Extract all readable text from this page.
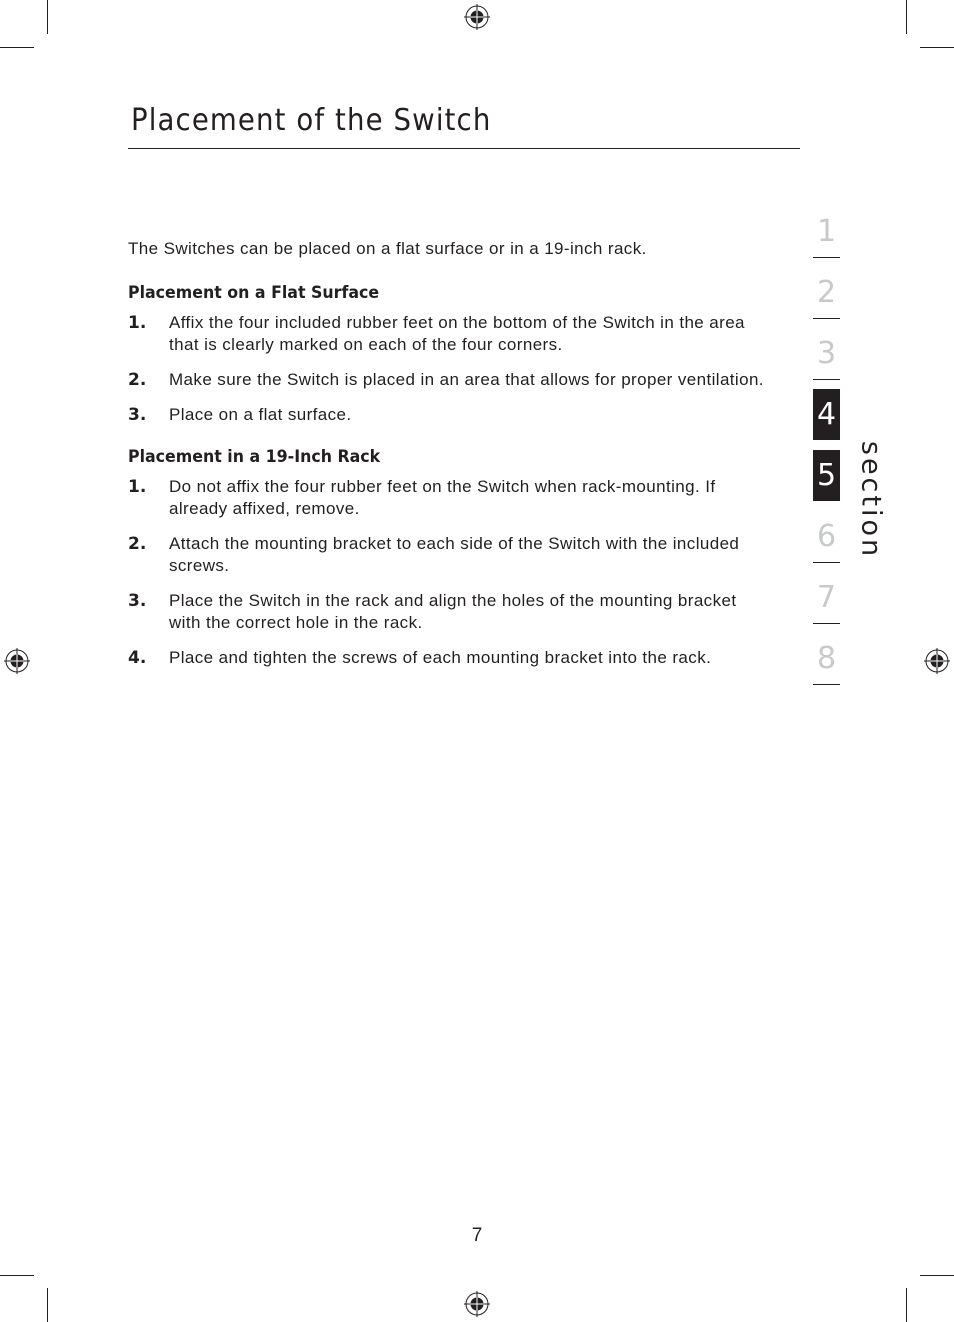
Placement of the Switch

The Switches can be placed on a flat surface or in a 19-inch rack.

Placement on a Flat Surface
1. Affix the four included rubber feet on the bottom of the Switch in the area that is clearly marked on each of the four corners.
2. Make sure the Switch is placed in an area that allows for proper ventilation.
3. Place on a flat surface.
Placement in a 19-Inch Rack
1. Do not affix the four rubber feet on the Switch when rack-mounting. If already affixed, remove.
2. Attach the mounting bracket to each side of the Switch with the included screws.
3. Place the Switch in the rack and align the holes of the mounting bracket with the correct hole in the rack.
4. Place and tighten the screws of each mounting bracket into the rack.
1
2
3
4
5
6
7
8
section
7
